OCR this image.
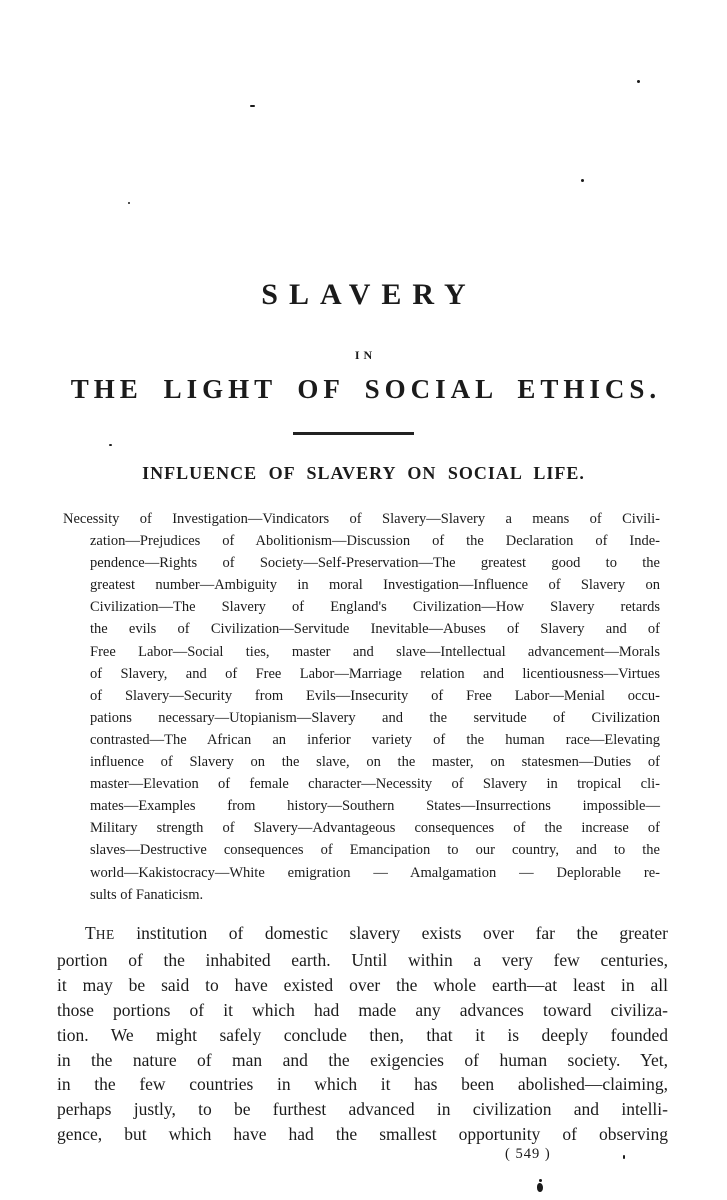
SLAVERY
IN
THE LIGHT OF SOCIAL ETHICS.
INFLUENCE OF SLAVERY ON SOCIAL LIFE.
Necessity of Investigation—Vindicators of Slavery—Slavery a means of Civili-
zation—Prejudices of Abolitionism—Discussion of the Declaration of Inde-
pendence—Rights of Society—Self-Preservation—The greatest good to the
greatest number—Ambiguity in moral Investigation—Influence of Slavery on
Civilization—The Slavery of England's Civilization—How Slavery retards
the evils of Civilization—Servitude Inevitable—Abuses of Slavery and of
Free Labor—Social ties, master and slave—Intellectual advancement—Morals
of Slavery, and of Free Labor—Marriage relation and licentiousness—Virtues
of Slavery—Security from Evils—Insecurity of Free Labor—Menial occu-
pations necessary—Utopianism—Slavery and the servitude of Civilization
contrasted—The African an inferior variety of the human race—Elevating
influence of Slavery on the slave, on the master, on statesmen—Duties of
master—Elevation of female character—Necessity of Slavery in tropical cli-
mates—Examples from history—Southern States—Insurrections impossible—
Military strength of Slavery—Advantageous consequences of the increase of
slaves—Destructive consequences of Emancipation to our country, and to the
world—Kakistocracy—White emigration — Amalgamation — Deplorable re-
sults of Fanaticism.
THE institution of domestic slavery exists over far the greater
portion of the inhabited earth. Until within a very few centuries,
it may be said to have existed over the whole earth—at least in all
those portions of it which had made any advances toward civiliza-
tion. We might safely conclude then, that it is deeply founded
in the nature of man and the exigencies of human society. Yet,
in the few countries in which it has been abolished—claiming,
perhaps justly, to be furthest advanced in civilization and intelli-
gence, but which have had the smallest opportunity of observing
( 549 )
